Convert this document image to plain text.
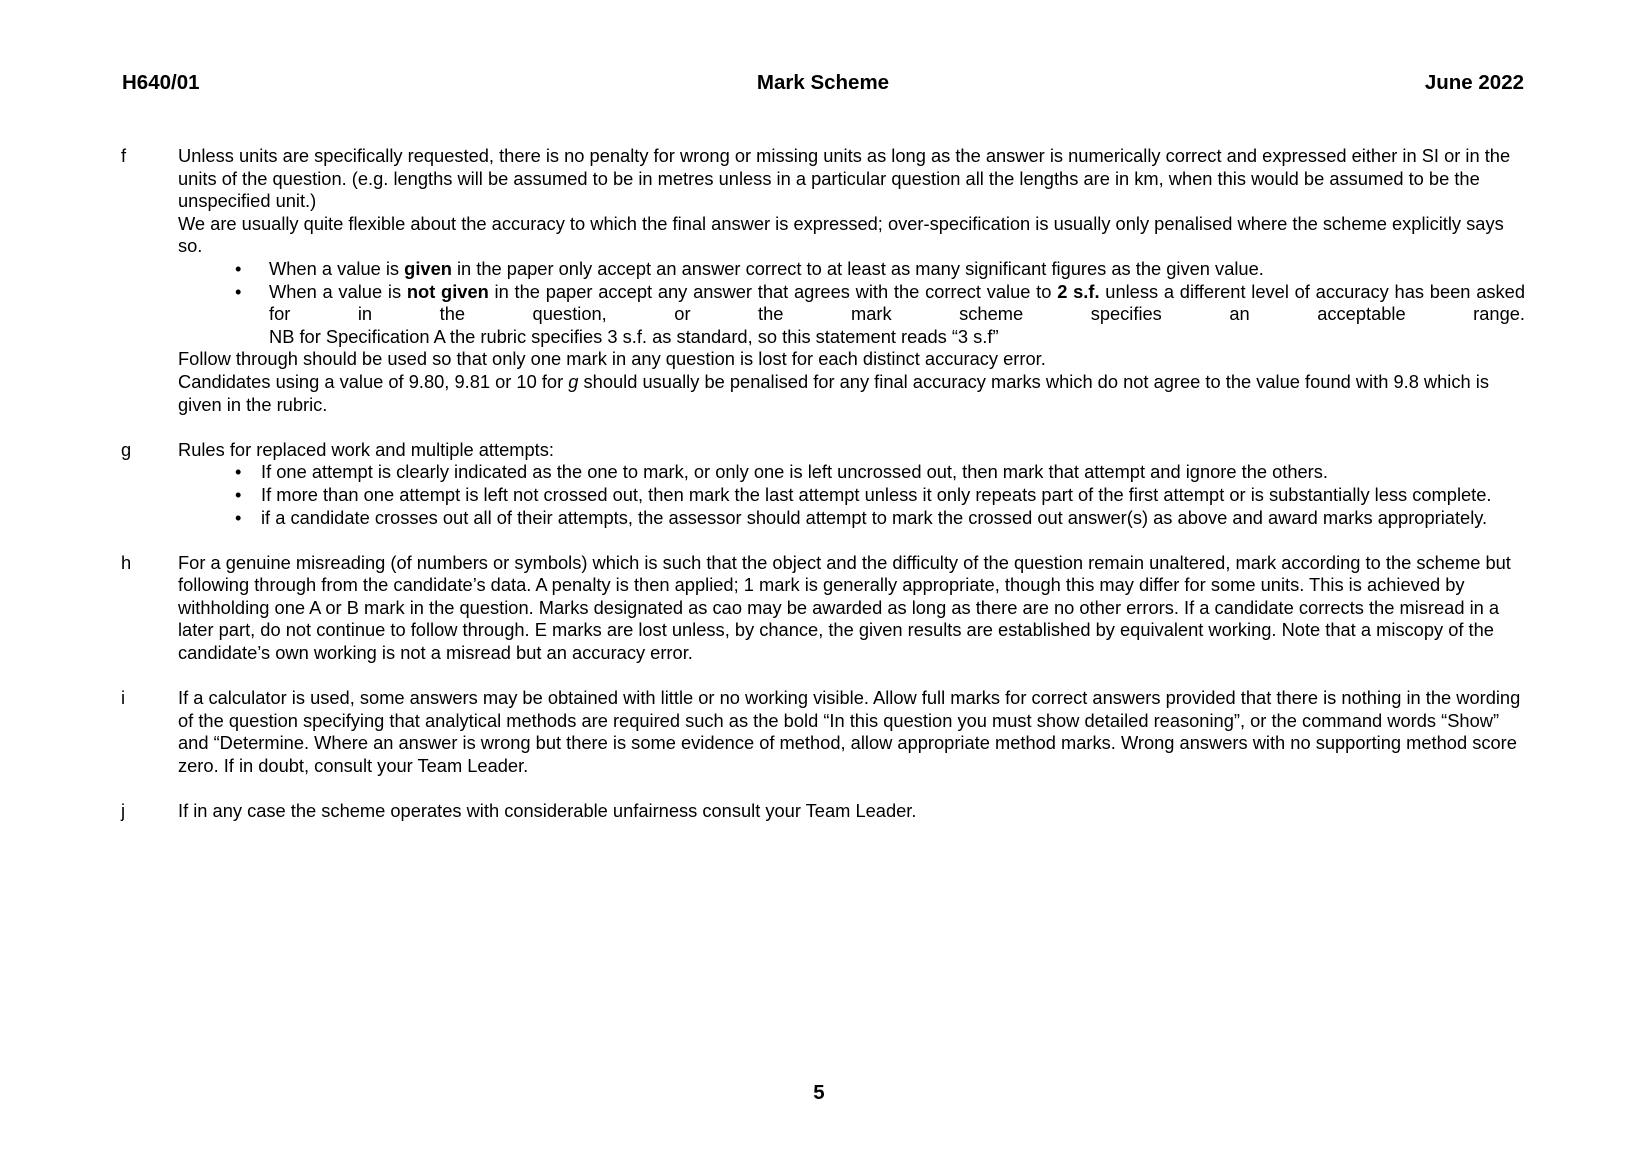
H640/01	Mark Scheme	June 2022
f	Unless units are specifically requested, there is no penalty for wrong or missing units as long as the answer is numerically correct and expressed either in SI or in the units of the question. (e.g. lengths will be assumed to be in metres unless in a particular question all the lengths are in km, when this would be assumed to be the unspecified unit.)

We are usually quite flexible about the accuracy to which the final answer is expressed; over-specification is usually only penalised where the scheme explicitly says so.

• When a value is given in the paper only accept an answer correct to at least as many significant figures as the given value.
• When a value is not given in the paper accept any answer that agrees with the correct value to 2 s.f. unless a different level of accuracy has been asked for in the question, or the mark scheme specifies an acceptable range.
NB for Specification A the rubric specifies 3 s.f. as standard, so this statement reads “3 s.f”

Follow through should be used so that only one mark in any question is lost for each distinct accuracy error.

Candidates using a value of 9.80, 9.81 or 10 for g should usually be penalised for any final accuracy marks which do not agree to the value found with 9.8 which is given in the rubric.

g	Rules for replaced work and multiple attempts:

• If one attempt is clearly indicated as the one to mark, or only one is left uncrossed out, then mark that attempt and ignore the others.
• If more than one attempt is left not crossed out, then mark the last attempt unless it only repeats part of the first attempt or is substantially less complete.
• if a candidate crosses out all of their attempts, the assessor should attempt to mark the crossed out answer(s) as above and award marks appropriately.
h	For a genuine misreading (of numbers or symbols) which is such that the object and the difficulty of the question remain unaltered, mark according to the scheme but following through from the candidate’s data. A penalty is then applied; 1 mark is generally appropriate, though this may differ for some units. This is achieved by withholding one A or B mark in the question. Marks designated as cao may be awarded as long as there are no other errors. If a candidate corrects the misread in a later part, do not continue to follow through. E marks are lost unless, by chance, the given results are established by equivalent working. Note that a miscopy of the candidate’s own working is not a misread but an accuracy error.

i	If a calculator is used, some answers may be obtained with little or no working visible. Allow full marks for correct answers provided that there is nothing in the wording of the question specifying that analytical methods are required such as the bold “In this question you must show detailed reasoning”, or the command words “Show” and “Determine. Where an answer is wrong but there is some evidence of method, allow appropriate method marks. Wrong answers with no supporting method score zero. If in doubt, consult your Team Leader.

j	If in any case the scheme operates with considerable unfairness consult your Team Leader.

5
